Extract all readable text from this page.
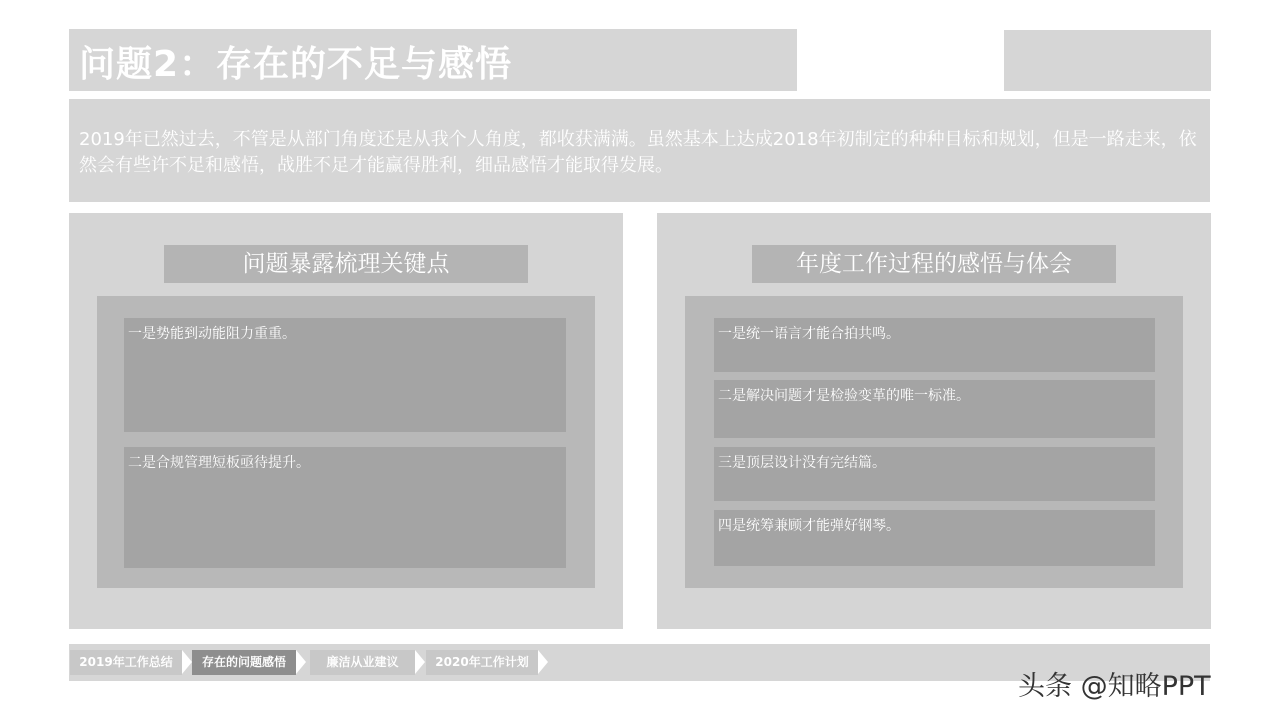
问题2：存在的不足与感悟
2019年已然过去，不管是从部门角度还是从我个人角度，都收获满满。虽然基本上达成2018年初制定的种种目标和规划，但是一路走来，依然会有些许不足和感悟，战胜不足才能赢得胜利，细品感悟才能取得发展。
问题暴露梳理关键点
一是势能到动能阻力重重。
二是合规管理短板亟待提升。
年度工作过程的感悟与体会
一是统一语言才能合拍共鸣。
二是解决问题才是检验变革的唯一标准。
三是顶层设计没有完结篇。
四是统筹兼顾才能弹好钢琴。
2019年工作总结	存在的问题感悟	廉洁从业建议	2020年工作计划
头条 @知略PPT
